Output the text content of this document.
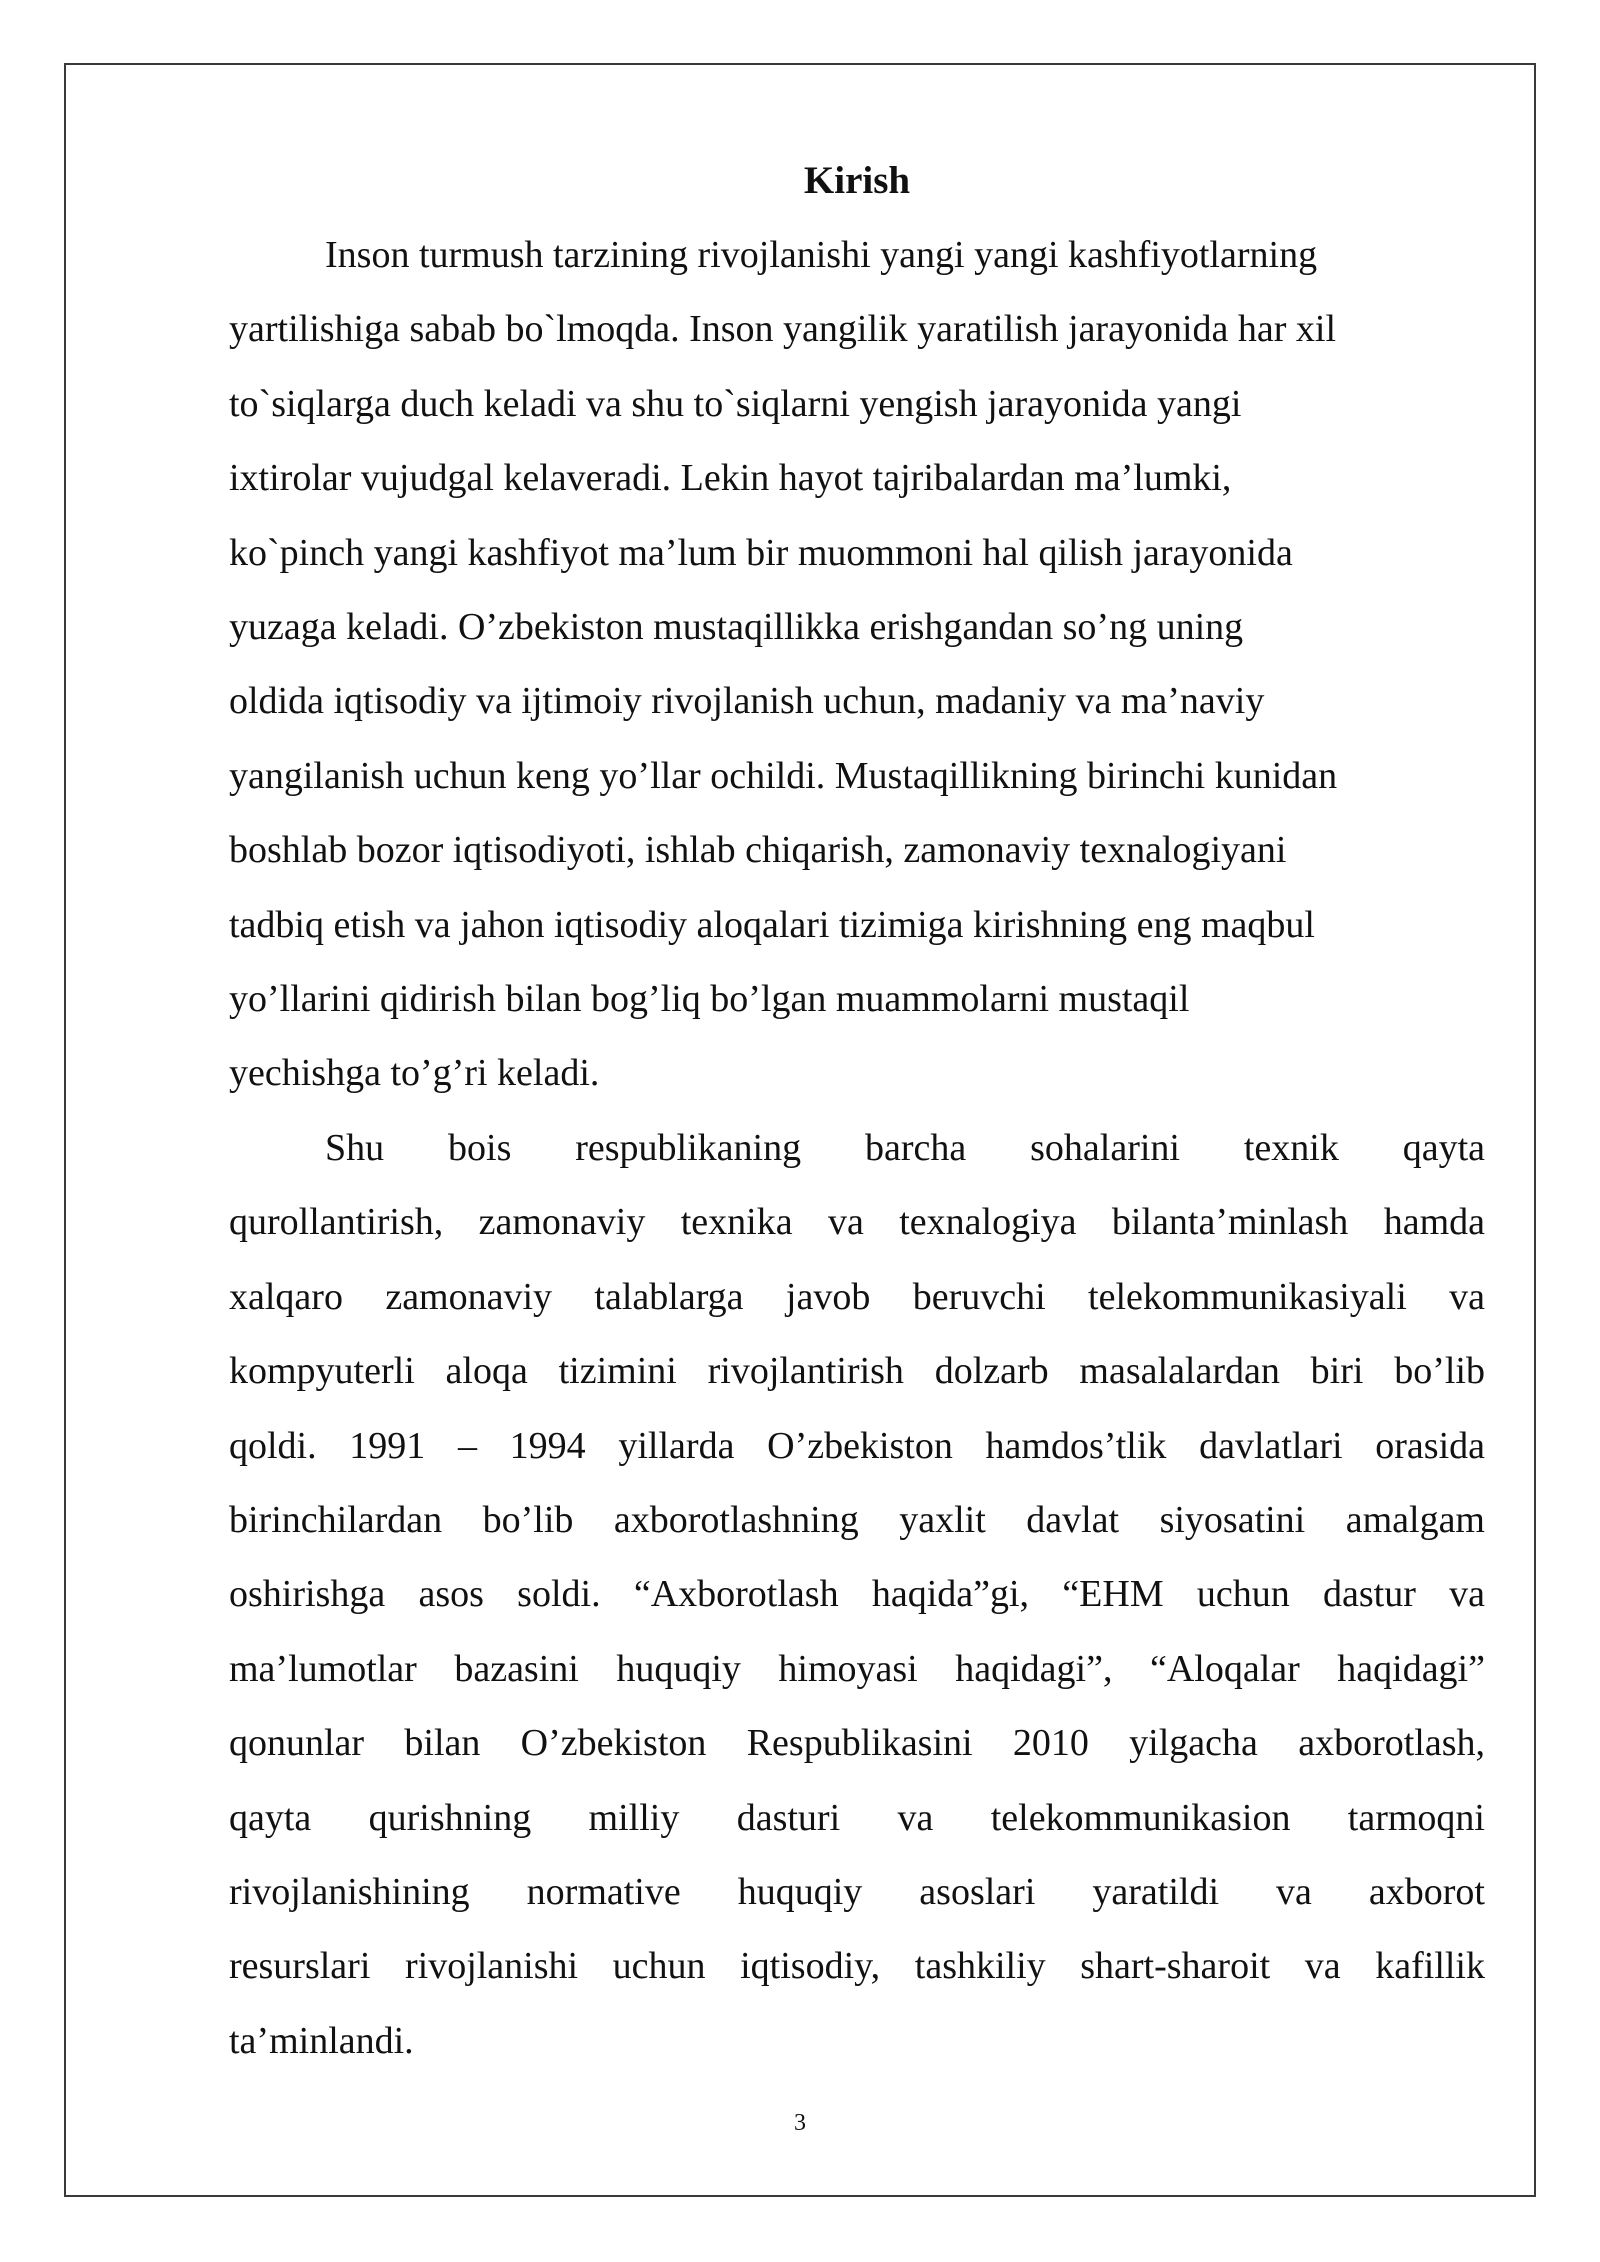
Kirish
Inson turmush tarzining rivojlanishi yangi yangi kashfiyotlarning
yartilishiga sabab bo`lmoqda. Inson yangilik yaratilish jarayonida har xil
to`siqlarga duch keladi va shu to`siqlarni yengish jarayonida yangi
ixtirolar vujudgal kelaveradi. Lekin hayot tajribalardan ma’lumki,
ko`pinch yangi kashfiyot ma’lum bir muommoni hal qilish jarayonida
yuzaga keladi. O’zbekiston mustaqillikka erishgandan so’ng uning
oldida iqtisodiy va ijtimoiy rivojlanish uchun, madaniy va ma’naviy
yangilanish uchun keng yo’llar ochildi. Mustaqillikning birinchi kunidan
boshlab bozor iqtisodiyoti, ishlab chiqarish, zamonaviy texnalogiyani
tadbiq etish va jahon iqtisodiy aloqalari tizimiga kirishning eng maqbul
yo’llarini qidirish bilan bog’liq bo’lgan muammolarni mustaqil
yechishga to’g’ri keladi.
Shu bois respublikaning barcha sohalarini texnik qayta
qurollantirish, zamonaviy texnika va texnalogiya bilanta’minlash hamda
xalqaro zamonaviy talablarga javob beruvchi telekommunikasiyali va
kompyuterli aloqa tizimini rivojlantirish dolzarb masalalardan biri bo’lib
qoldi. 1991 – 1994 yillarda O’zbekiston hamdos’tlik davlatlari orasida
birinchilardan bo’lib axborotlashning yaxlit davlat siyosatini amalgam
oshirishga asos soldi. “Axborotlash haqida”gi, “EHM uchun dastur va
ma’lumotlar bazasini huquqiy himoyasi haqidagi”, “Aloqalar haqidagi”
qonunlar bilan O’zbekiston Respublikasini 2010 yilgacha axborotlash,
qayta qurishning milliy dasturi va telekommunikasion tarmoqni
rivojlanishining normative huquqiy asoslari yaratildi va axborot
resurslari rivojlanishi uchun iqtisodiy, tashkiliy shart-sharoit va kafillik
ta’minlandi.
3
